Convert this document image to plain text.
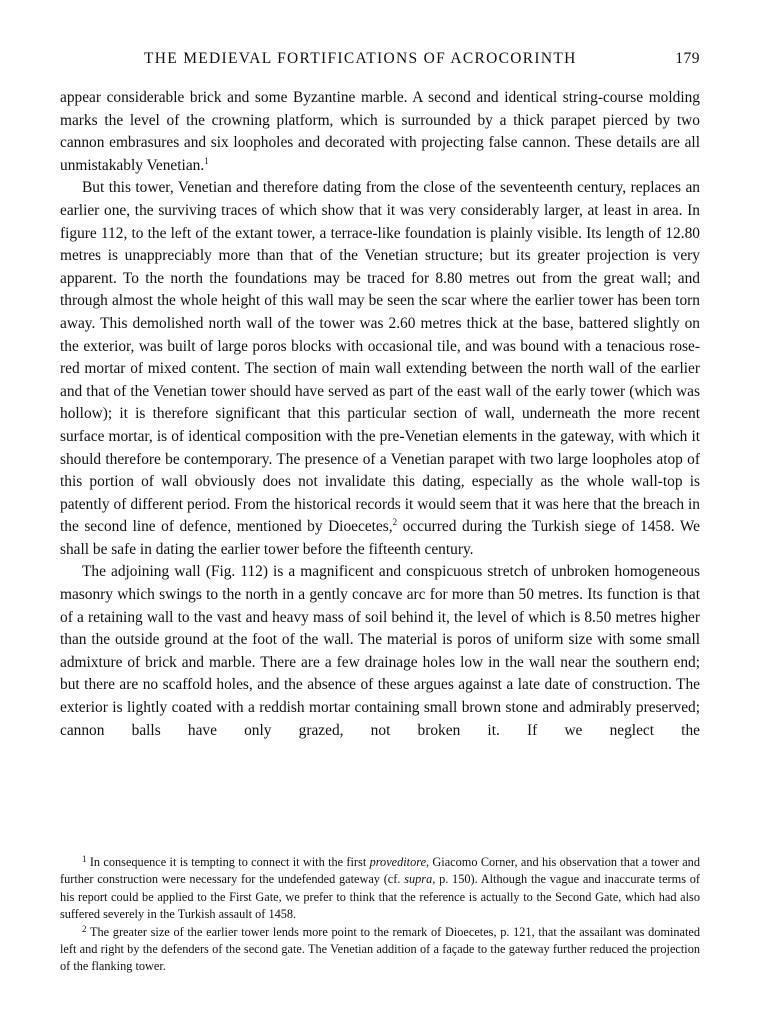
THE MEDIEVAL FORTIFICATIONS OF ACROCORINTH	179

appear considerable brick and some Byzantine marble. A second and identical string-course molding marks the level of the crowning platform, which is surrounded by a thick parapet pierced by two cannon embrasures and six loopholes and decorated with projecting false cannon. These details are all unmistakably Venetian.$^1$

But this tower, Venetian and therefore dating from the close of the seventeenth century, replaces an earlier one, the surviving traces of which show that it was very considerably larger, at least in area. In figure 112, to the left of the extant tower, a terrace-like foundation is plainly visible. Its length of 12.80 metres is unappreciably more than that of the Venetian structure; but its greater projection is very apparent. To the north the foundations may be traced for 8.80 metres out from the great wall; and through almost the whole height of this wall may be seen the scar where the earlier tower has been torn away. This demolished north wall of the tower was 2.60 metres thick at the base, battered slightly on the exterior, was built of large poros blocks with occasional tile, and was bound with a tenacious rose-red mortar of mixed content. The section of main wall extending between the north wall of the earlier and that of the Venetian tower should have served as part of the east wall of the early tower (which was hollow); it is therefore significant that this particular section of wall, underneath the more recent surface mortar, is of identical composition with the pre-Venetian elements in the gateway, with which it should therefore be contemporary. The presence of a Venetian parapet with two large loopholes atop of this portion of wall obviously does not invalidate this dating, especially as the whole wall-top is patently of different period. From the historical records it would seem that it was here that the breach in the second line of defence, mentioned by Dioecetes,$^2$ occurred during the Turkish siege of 1458. We shall be safe in dating the earlier tower before the fifteenth century.

The adjoining wall (Fig. 112) is a magnificent and conspicuous stretch of unbroken homogeneous masonry which swings to the north in a gently concave arc for more than 50 metres. Its function is that of a retaining wall to the vast and heavy mass of soil behind it, the level of which is 8.50 metres higher than the outside ground at the foot of the wall. The material is poros of uniform size with some small admixture of brick and marble. There are a few drainage holes low in the wall near the southern end; but there are no scaffold holes, and the absence of these argues against a late date of construction. The exterior is lightly coated with a reddish mortar containing small brown stone and admirably preserved; cannon balls have only grazed, not broken it. If we neglect the

$^1$ In consequence it is tempting to connect it with the first proveditore, Giacomo Corner, and his observation that a tower and further construction were necessary for the undefended gateway (cf. supra, p. 150). Although the vague and inaccurate terms of his report could be applied to the First Gate, we prefer to think that the reference is actually to the Second Gate, which had also suffered severely in the Turkish assault of 1458.

$^2$ The greater size of the earlier tower lends more point to the remark of Dioecetes, p. 121, that the assailant was dominated left and right by the defenders of the second gate. The Venetian addition of a façade to the gateway further reduced the projection of the flanking tower.
